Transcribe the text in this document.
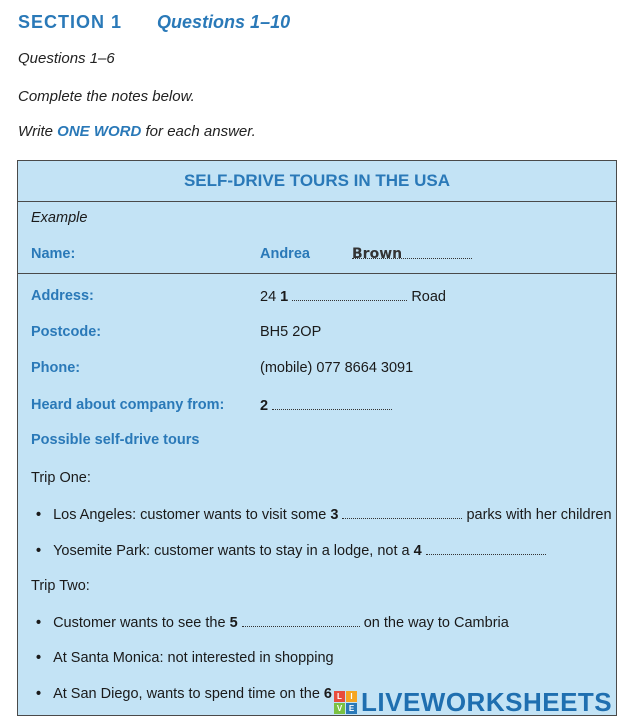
SECTION 1 Questions 1–10
Questions 1–6
Complete the notes below.
Write ONE WORD for each answer.
SELF-DRIVE TOURS IN THE USA
Example
Name:	Andrea	Brown
Address:	24 1	Road
Postcode:	BH5 2OP
Phone:	(mobile) 077 8664 3091
Heard about company from: 2
Possible self-drive tours
Trip One:
• Los Angeles: customer wants to visit some 3	parks with her children
• Yosemite Park: customer wants to stay in a lodge, not a 4
Trip Two:
• Customer wants to see the 5	on the way to Cambria
• At Santa Monica: not interested in shopping
• At San Diego, wants to spend time on the 6 L	I
V E LIVEWORKSHEETS
